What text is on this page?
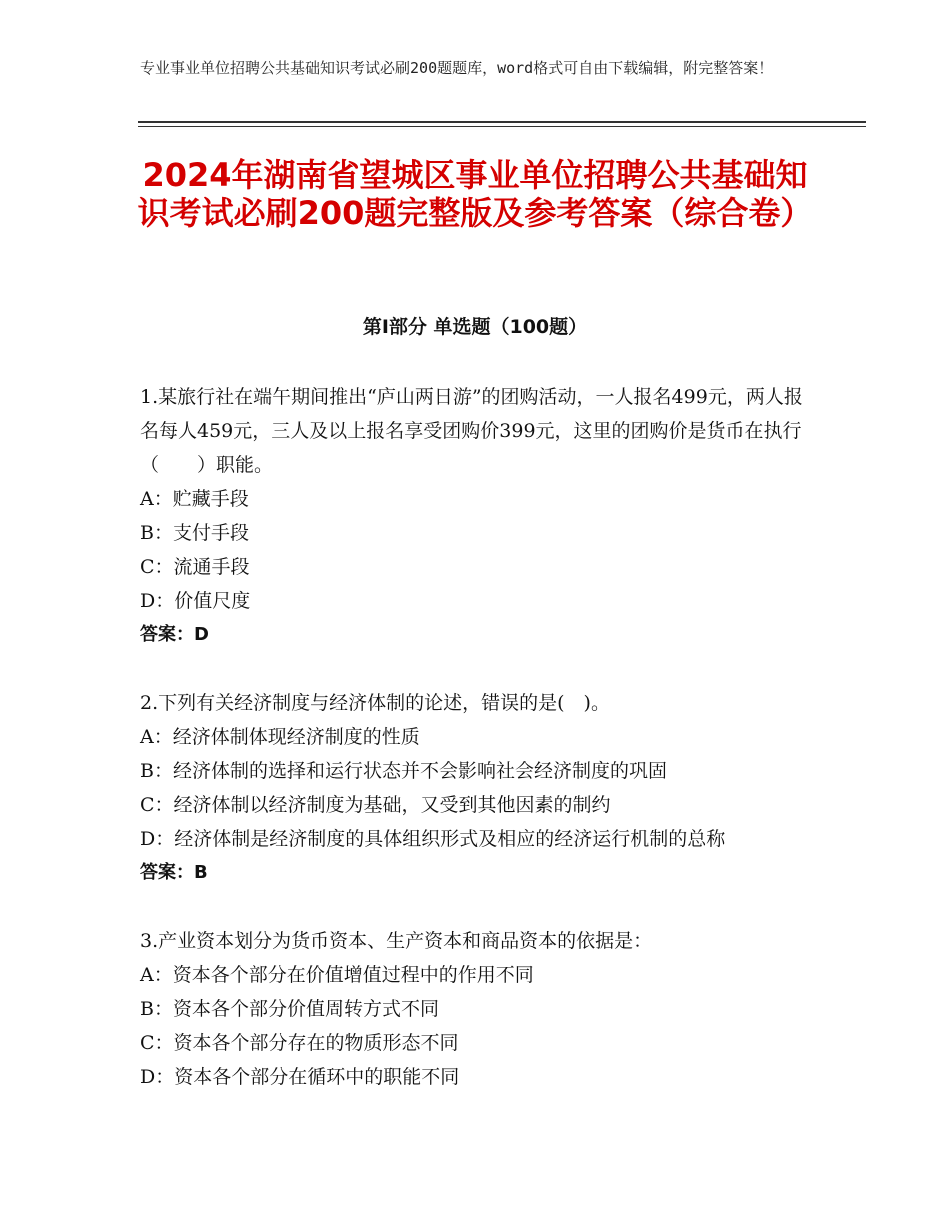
专业事业单位招聘公共基础知识考试必刷200题题库，word格式可自由下载编辑，附完整答案！
2024年湖南省望城区事业单位招聘公共基础知识考试必刷200题完整版及参考答案（综合卷）
第Ⅰ部分 单选题（100题）

1.某旅行社在端午期间推出“庐山两日游”的团购活动，一人报名499元，两人报名每人459元，三人及以上报名享受团购价399元，这里的团购价是货币在执行（　　）职能。

A：贮藏手段

B：支付手段

C：流通手段

D：价值尺度

答案：D

2.下列有关经济制度与经济体制的论述，错误的是(　)。

A：经济体制体现经济制度的性质

B：经济体制的选择和运行状态并不会影响社会经济制度的巩固

C：经济体制以经济制度为基础，又受到其他因素的制约

D：经济体制是经济制度的具体组织形式及相应的经济运行机制的总称

答案：B

3.产业资本划分为货币资本、生产资本和商品资本的依据是：

A：资本各个部分在价值增值过程中的作用不同

B：资本各个部分价值周转方式不同

C：资本各个部分存在的物质形态不同

D：资本各个部分在循环中的职能不同
